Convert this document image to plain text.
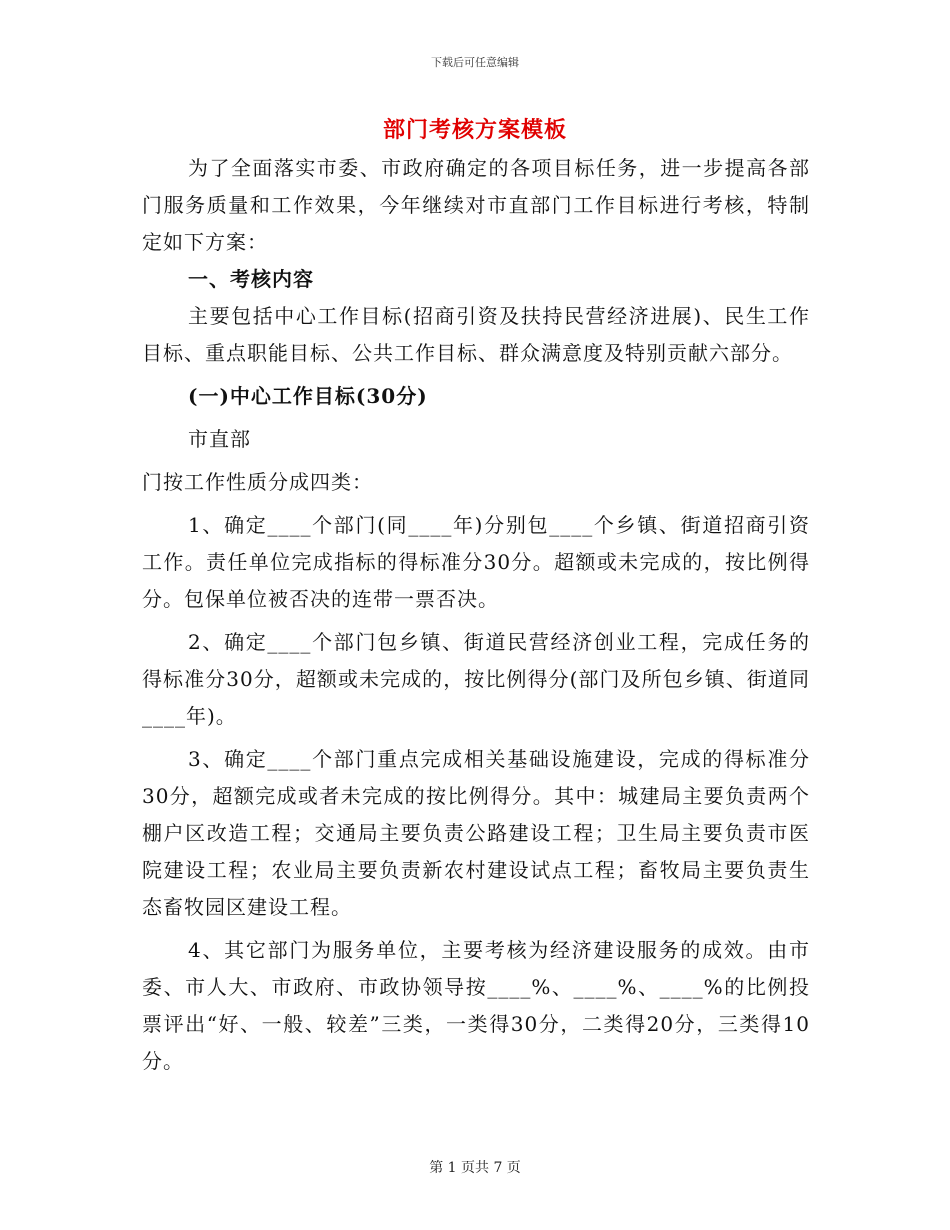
下载后可任意编辑
部门考核方案模板

为了全面落实市委、市政府确定的各项目标任务，进一步提高各部门服务质量和工作效果，今年继续对市直部门工作目标进行考核，特制定如下方案：

一、考核内容

主要包括中心工作目标(招商引资及扶持民营经济进展)、民生工作目标、重点职能目标、公共工作目标、群众满意度及特别贡献六部分。

(一)中心工作目标(30分)

市直部

门按工作性质分成四类：

1、确定____个部门(同____年)分别包____个乡镇、街道招商引资工作。责任单位完成指标的得标准分30分。超额或未完成的，按比例得分。包保单位被否决的连带一票否决。

2、确定____个部门包乡镇、街道民营经济创业工程，完成任务的得标准分30分，超额或未完成的，按比例得分(部门及所包乡镇、街道同____年)。

3、确定____个部门重点完成相关基础设施建设，完成的得标准分30分，超额完成或者未完成的按比例得分。其中：城建局主要负责两个棚户区改造工程；交通局主要负责公路建设工程；卫生局主要负责市医院建设工程；农业局主要负责新农村建设试点工程；畜牧局主要负责生态畜牧园区建设工程。

4、其它部门为服务单位，主要考核为经济建设服务的成效。由市委、市人大、市政府、市政协领导按____%、____%、____%的比例投票评出“好、一般、较差”三类，一类得30分，二类得20分，三类得10分。

第 1 页共 7 页
